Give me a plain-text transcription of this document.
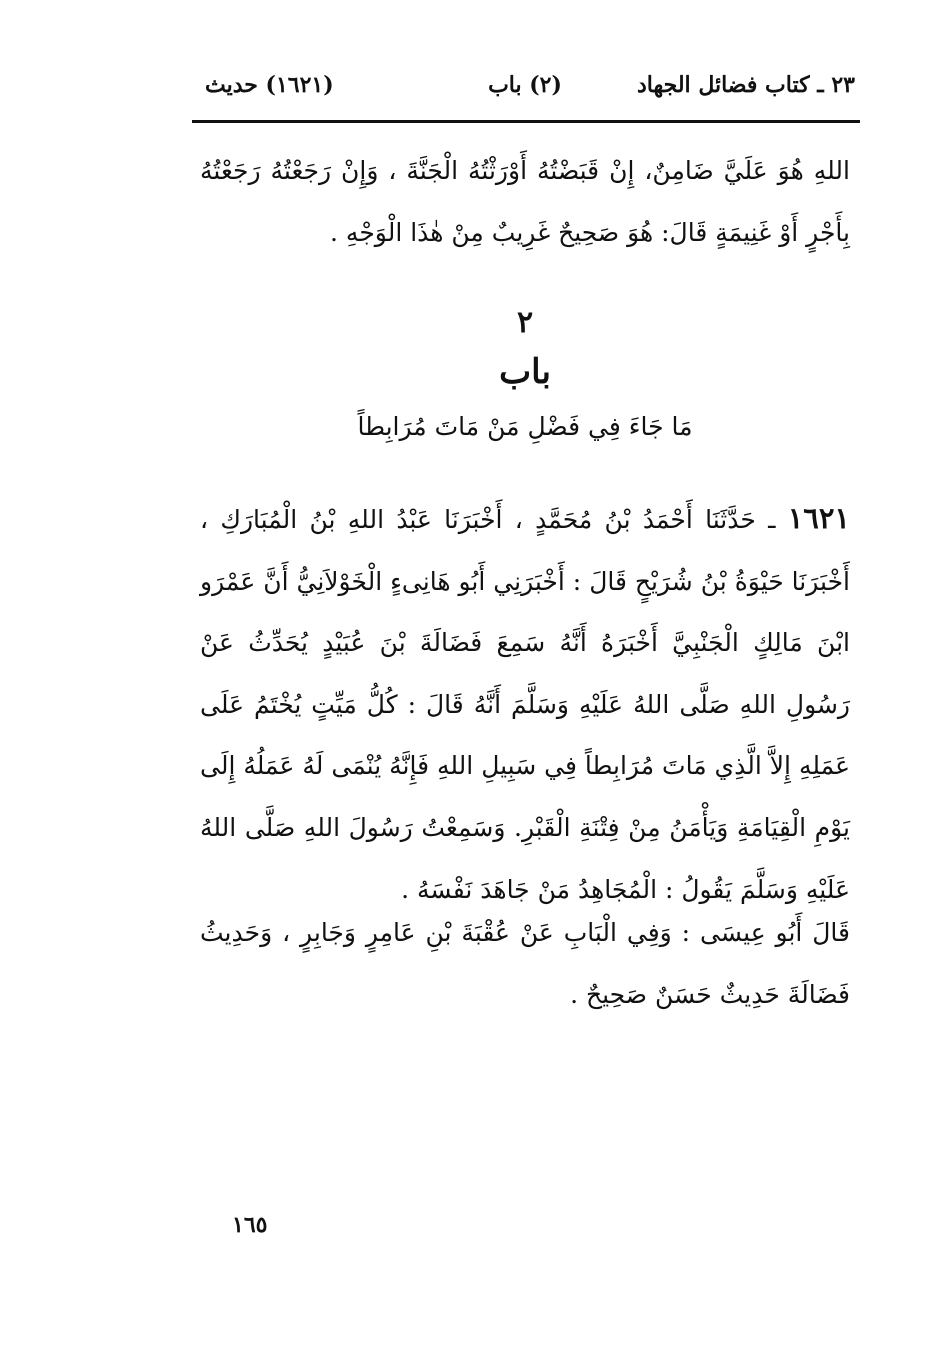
٢٣ ـ كتاب فضائل الجهاد
(٢) باب
(١٦٢١) حديث

اللهِ هُوَ عَلَيَّ ضَامِنٌ، إِنْ قَبَضْتُهُ أَوْرَثْتُهُ الْجَنَّةَ ، وَإِنْ رَجَعْتُهُ رَجَعْتُهُ بِأَجْرٍ أَوْ غَنِيمَةٍ قَالَ: هُوَ صَحِيحٌ غَرِيبٌ مِنْ هٰذَا الْوَجْهِ .

٢
باب
مَا جَاءَ فِي فَضْلِ مَنْ مَاتَ مُرَابِطاً

١٦٢١ ـ حَدَّثَنَا أَحْمَدُ بْنُ مُحَمَّدٍ ، أَخْبَرَنَا عَبْدُ اللهِ بْنُ الْمُبَارَكِ ، أَخْبَرَنَا حَيْوَةُ بْنُ شُرَيْحٍ قَالَ : أَخْبَرَنِي أَبُو هَانِىءٍ الْخَوْلاَنِيُّ أَنَّ عَمْرَو ابْنَ مَالِكٍ الْجَنْبِيَّ أَخْبَرَهُ أَنَّهُ سَمِعَ فَضَالَةَ بْنَ عُبَيْدٍ يُحَدِّثُ عَنْ رَسُولِ اللهِ صَلَّى اللهُ عَلَيْهِ وَسَلَّمَ أَنَّهُ قَالَ : كُلُّ مَيِّتٍ يُخْتَمُ عَلَى عَمَلِهِ إِلاَّ الَّذِي مَاتَ مُرَابِطاً فِي سَبِيلِ اللهِ فَإِنَّهُ يُنْمَى لَهُ عَمَلُهُ إِلَى يَوْمِ الْقِيَامَةِ وَيَأْمَنُ مِنْ فِتْنَةِ الْقَبْرِ. وَسَمِعْتُ رَسُولَ اللهِ صَلَّى اللهُ عَلَيْهِ وَسَلَّمَ يَقُولُ : الْمُجَاهِدُ مَنْ جَاهَدَ نَفْسَهُ .

قَالَ أَبُو عِيسَى : وَفِي الْبَابِ عَنْ عُقْبَةَ بْنِ عَامِرٍ وَجَابِرٍ ، وَحَدِيثُ فَضَالَةَ حَدِيثٌ حَسَنٌ صَحِيحٌ .

١٦٥
